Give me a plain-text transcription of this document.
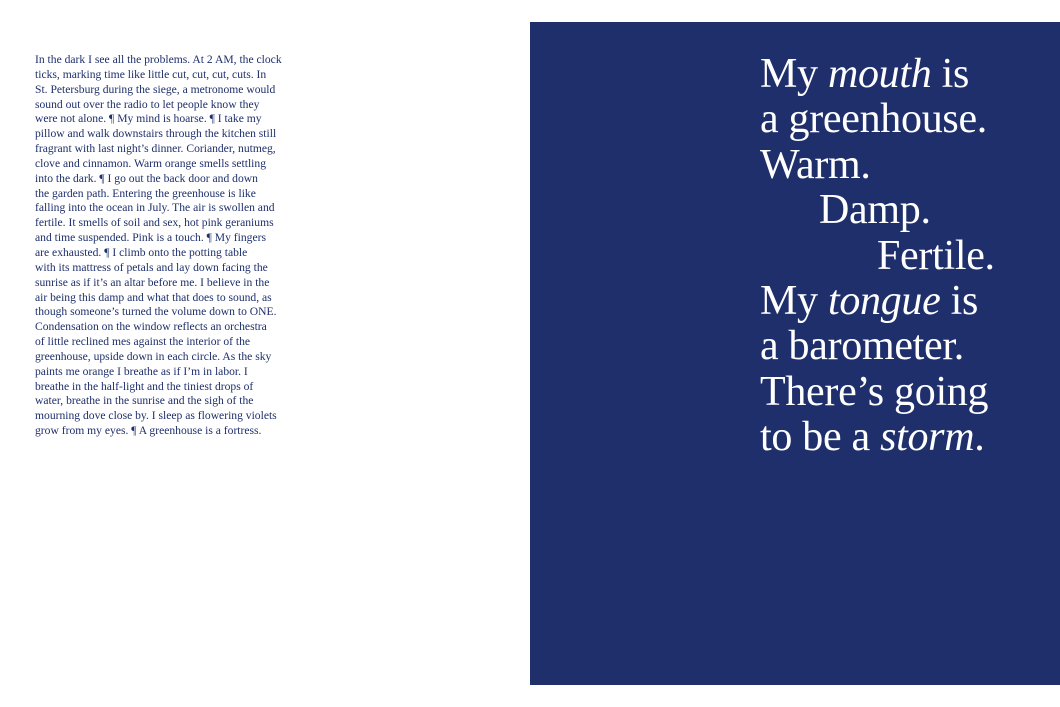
In the dark I see all the problems. At 2 AM, the clock
ticks, marking time like little cut, cut, cut, cuts. In
St. Petersburg during the siege, a metronome would
sound out over the radio to let people know they
were not alone. ¶ My mind is hoarse. ¶ I take my
pillow and walk downstairs through the kitchen still
fragrant with last night’s dinner. Coriander, nutmeg,
clove and cinnamon. Warm orange smells settling
into the dark. ¶ I go out the back door and down
the garden path. Entering the greenhouse is like
falling into the ocean in July. The air is swollen and
fertile. It smells of soil and sex, hot pink geraniums
and time suspended. Pink is a touch. ¶ My fingers
are exhausted. ¶ I climb onto the potting table
with its mattress of petals and lay down facing the
sunrise as if it’s an altar before me. I believe in the
air being this damp and what that does to sound, as
though someone’s turned the volume down to ONE.
Condensation on the window reflects an orchestra
of little reclined mes against the interior of the
greenhouse, upside down in each circle. As the sky
paints me orange I breathe as if I’m in labor. I
breathe in the half-light and the tiniest drops of
water, breathe in the sunrise and the sigh of the
mourning dove close by. I sleep as flowering violets
grow from my eyes. ¶ A greenhouse is a fortress.

My mouth is
a greenhouse.
Warm.
Damp.
Fertile.
My tongue is
a barometer.
There’s going
to be a storm.
